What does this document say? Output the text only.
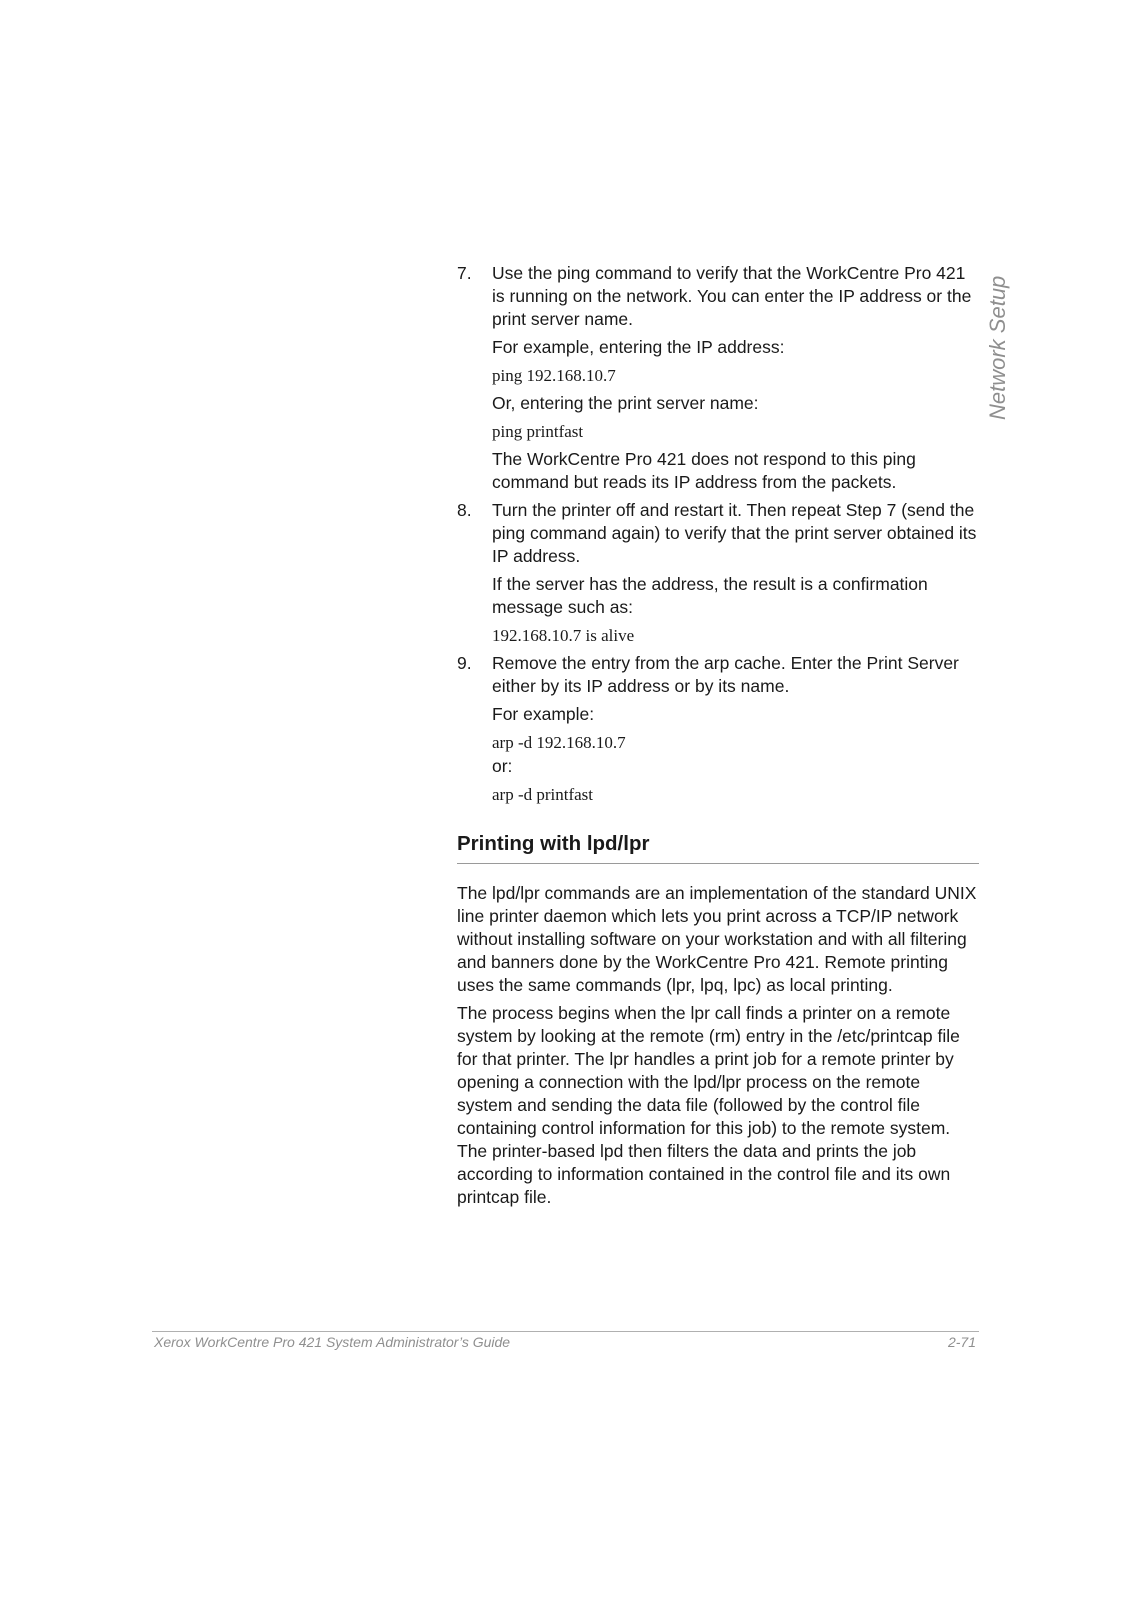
Network Setup
7. Use the ping command to verify that the WorkCentre Pro 421 is running on the network. You can enter the IP address or the print server name.

For example, entering the IP address:

ping 192.168.10.7

Or, entering the print server name:

ping printfast

The WorkCentre Pro 421 does not respond to this ping command but reads its IP address from the packets.

8. Turn the printer off and restart it. Then repeat Step 7 (send the ping command again) to verify that the print server obtained its IP address.

If the server has the address, the result is a confirmation message such as:

192.168.10.7 is alive

9. Remove the entry from the arp cache. Enter the Print Server either by its IP address or by its name.

For example:

arp -d 192.168.10.7

or:

arp -d printfast

Printing with lpd/lpr

The lpd/lpr commands are an implementation of the standard UNIX line printer daemon which lets you print across a TCP/IP network without installing software on your workstation and with all filtering and banners done by the WorkCentre Pro 421. Remote printing uses the same commands (lpr, lpq, lpc) as local printing.

The process begins when the lpr call finds a printer on a remote system by looking at the remote (rm) entry in the /etc/printcap file for that printer. The lpr handles a print job for a remote printer by opening a connection with the lpd/lpr process on the remote system and sending the data file (followed by the control file containing control information for this job) to the remote system. The printer-based lpd then filters the data and prints the job according to information contained in the control file and its own printcap file.

Xerox WorkCentre Pro 421 System Administrator’s Guide	2-71
